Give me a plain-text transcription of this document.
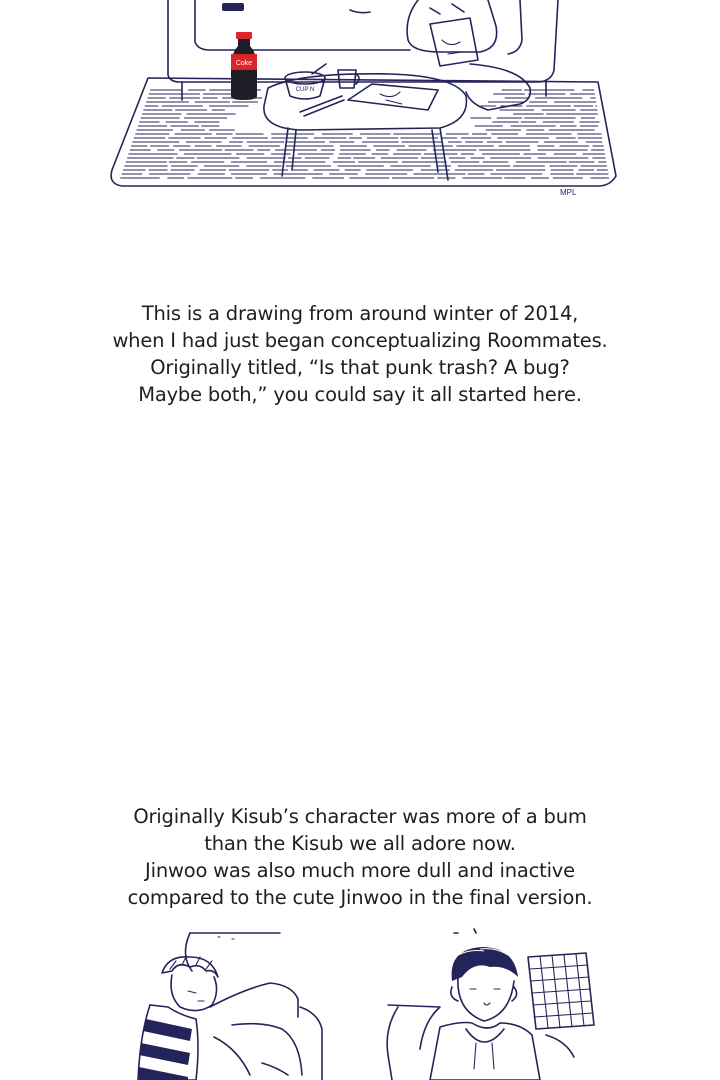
Coke
CUP N
MPL
This is a drawing from around winter of 2014,
when I had just began conceptualizing Roommates.
Originally titled, “Is that punk trash? A bug?
Maybe both,” you could say it all started here.
Originally Kisub’s character was more of a bum
than the Kisub we all adore now.
Jinwoo was also much more dull and inactive
compared to the cute Jinwoo in the final version.
